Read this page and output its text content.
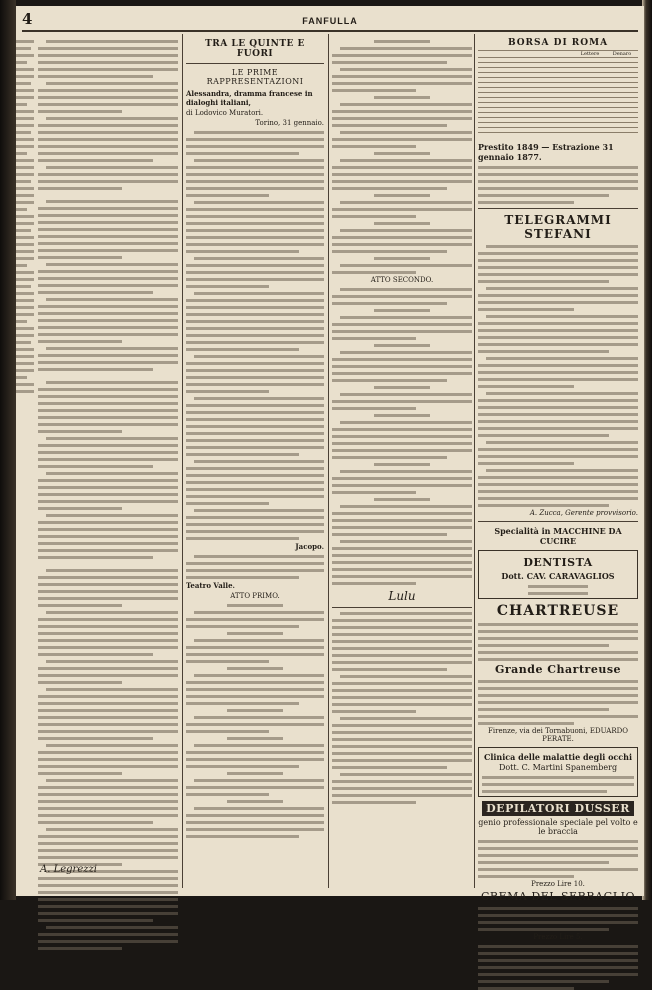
4	FANFULLA
TRA LE QUINTE E FUORI
LE PRIME RAPPRESENTAZIONI
Alessandra, dramma francese in dialoghi italiani,
di Lodovico Muratori.
Torino, 31 gennaio.
Jacopo.
Teatro Valle.
ATTO PRIMO.
ATTO SECONDO.
Lulu
BORSA DI ROMA
	Lettere	Denaro

Prestito 1849 — Estrazione 31 gennaio 1877.
TELEGRAMMI STEFANI
A. Zucca, Gerente provvisorio.
Specialità in MACCHINE DA CUCIRE
DENTISTA
Dott. CAV. CARAVAGLIOS
CHARTREUSE
Grande Chartreuse
Firenze, via dei Tornabuoni, EDUARDO PERATE.
Clinica delle malattie degli occhi
Dott. C. Martini Spanemberg
DEPILATORI DUSSER
genio professionale speciale pel volto e le braccia
Prezzo Lire 10.
CREMA DEL SERRAGLIO
Prezzo Lire 5.
A. Legrezzi
